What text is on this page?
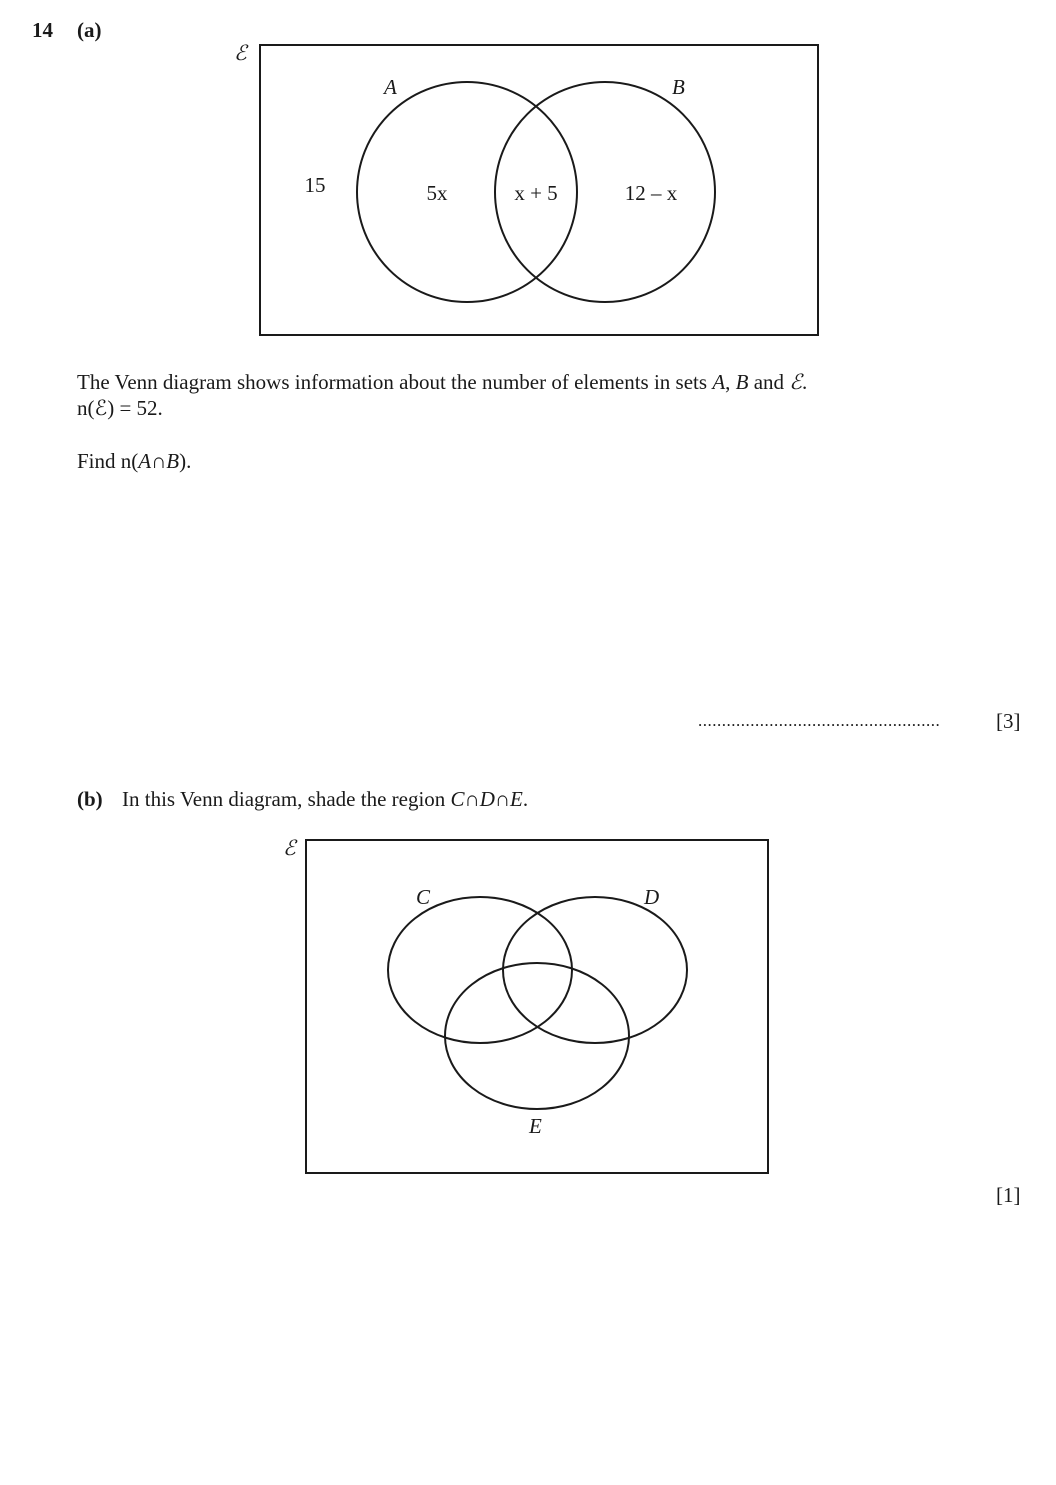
14 (a)
ℰ
A	B
15	5x	x + 5	12 – x
ℰ
C	D
E
The Venn diagram shows information about the number of elements in sets A, B and ℰ.
n(ℰ) = 52.
Find n(A∩B).
...................................................	[3]
(b) In this Venn diagram, shade the region C∩D∩E.
[1]
